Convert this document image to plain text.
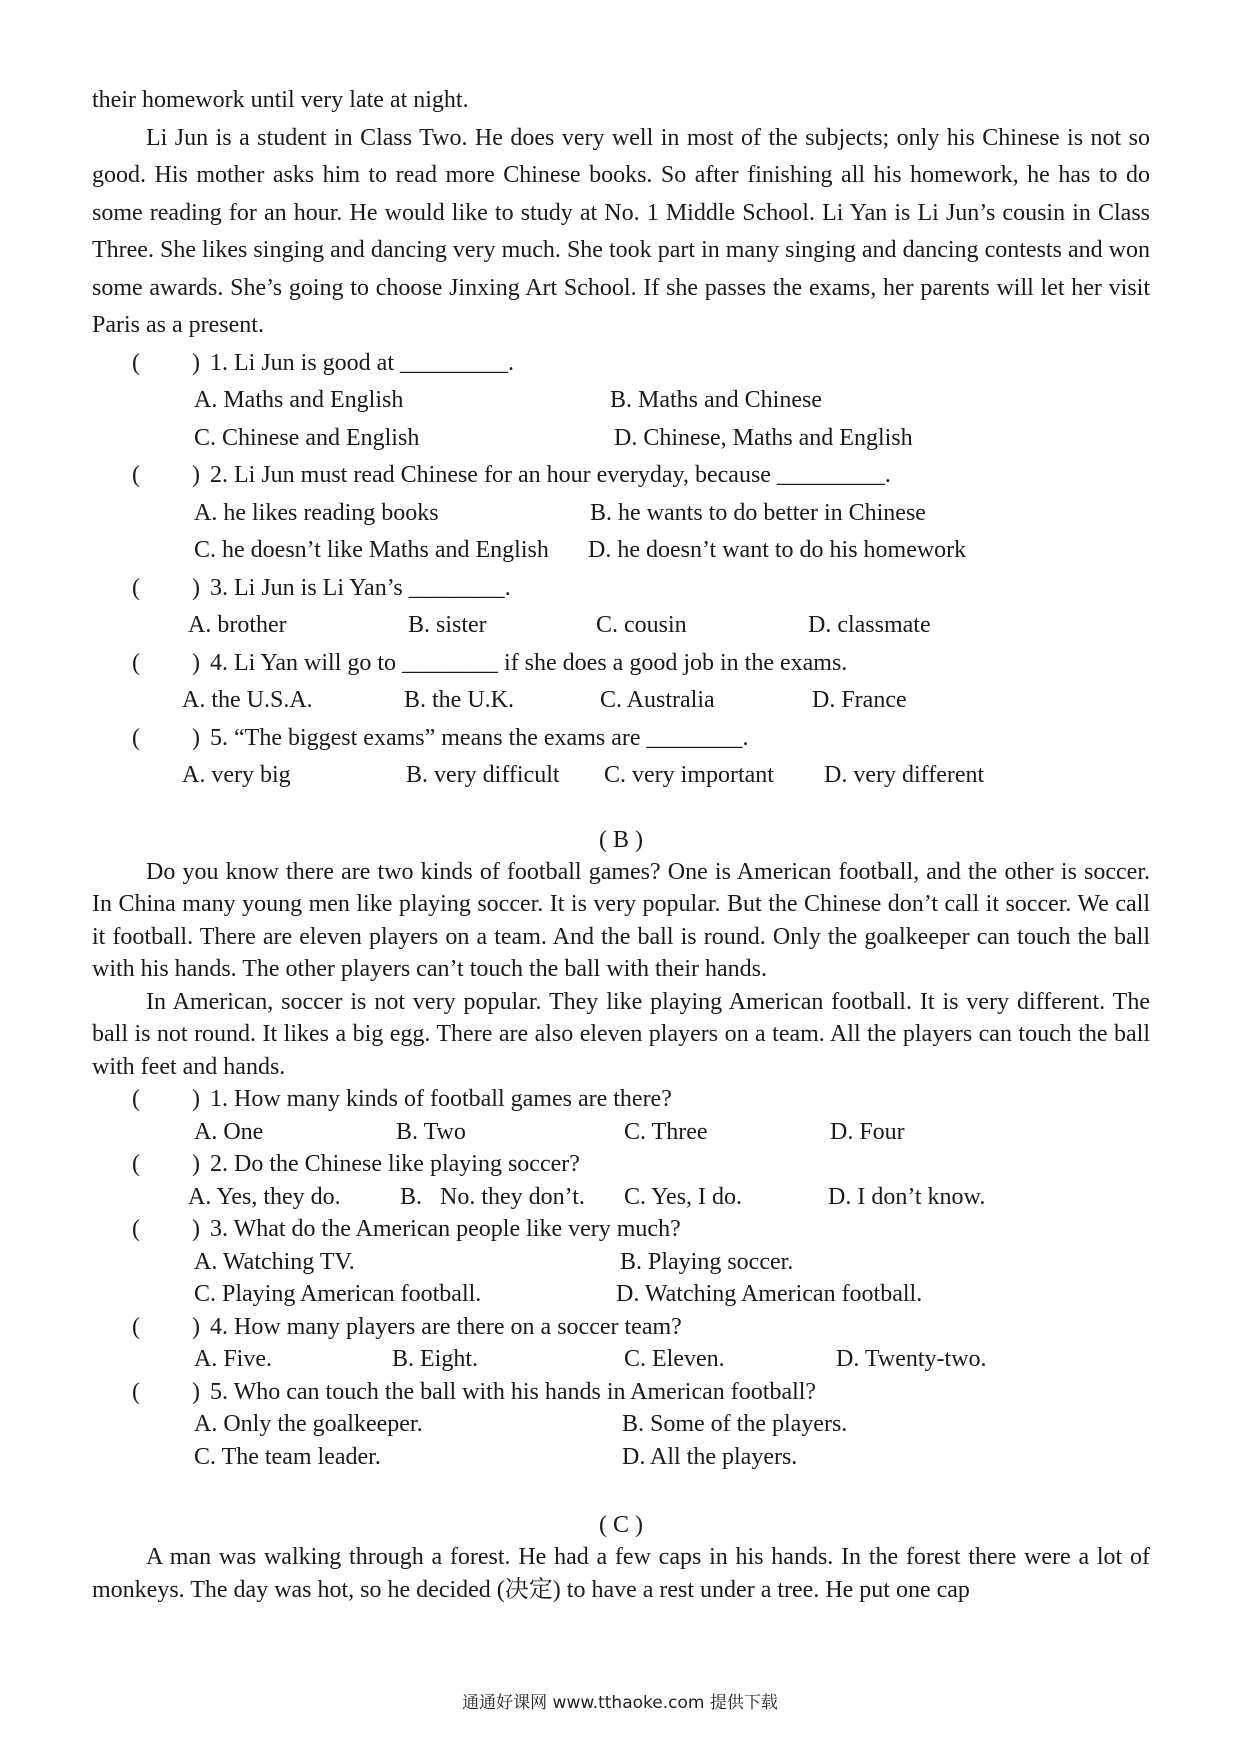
their homework until very late at night.

Li Jun is a student in Class Two. He does very well in most of the subjects; only his Chinese is not so good. His mother asks him to read more Chinese books. So after finishing all his homework, he has to do some reading for an hour. He would like to study at No. 1 Middle School. Li Yan is Li Jun’s cousin in Class Three. She likes singing and dancing very much. She took part in many singing and dancing contests and won some awards. She’s going to choose Jinxing Art School. If she passes the exams, her parents will let her visit Paris as a present.

( ) 1. Li Jun is good at _________.
A. Maths and English	B. Maths and Chinese
C. Chinese and English	D. Chinese, Maths and English
( ) 2. Li Jun must read Chinese for an hour everyday, because _________.
A. he likes reading books	B. he wants to do better in Chinese
C. he doesn’t like Maths and English D. he doesn’t want to do his homework
( ) 3. Li Jun is Li Yan’s ________.
A. brother	B. sister	C. cousin	D. classmate
( ) 4. Li Yan will go to ________ if she does a good job in the exams.
A. the U.S.A.	B. the U.K.	C. Australia	D. France
( ) 5. “The biggest exams” means the exams are ________.
A. very big	B. very difficult C. very important D. very different
( B )

Do you know there are two kinds of football games? One is American football, and the other is soccer. In China many young men like playing soccer. It is very popular. But the Chinese don’t call it soccer. We call it football. There are eleven players on a team. And the ball is round. Only the goalkeeper can touch the ball with his hands. The other players can’t touch the ball with their hands.

In American, soccer is not very popular. They like playing American football. It is very different. The ball is not round. It likes a big egg. There are also eleven players on a team. All the players can touch the ball with feet and hands.

( ) 1. How many kinds of football games are there?
A. One	B. Two	C. Three	D. Four
( ) 2. Do the Chinese like playing soccer?
A. Yes, they do. B.   No. they don’t. C. Yes, I do.	D. I don’t know.
( ) 3. What do the American people like very much?
A. Watching TV.	B. Playing soccer.
C. Playing American football.	D. Watching American football.
( ) 4. How many players are there on a soccer team?
A. Five.	B. Eight.	C. Eleven.	D. Twenty-two.
( ) 5. Who can touch the ball with his hands in American football?
A. Only the goalkeeper.	B. Some of the players.
C. The team leader.	D. All the players.
( C )

A man was walking through a forest. He had a few caps in his hands. In the forest there were a lot of monkeys. The day was hot, so he decided (决定) to have a rest under a tree. He put one cap

通通好课网 www.tthaoke.com 提供下载
